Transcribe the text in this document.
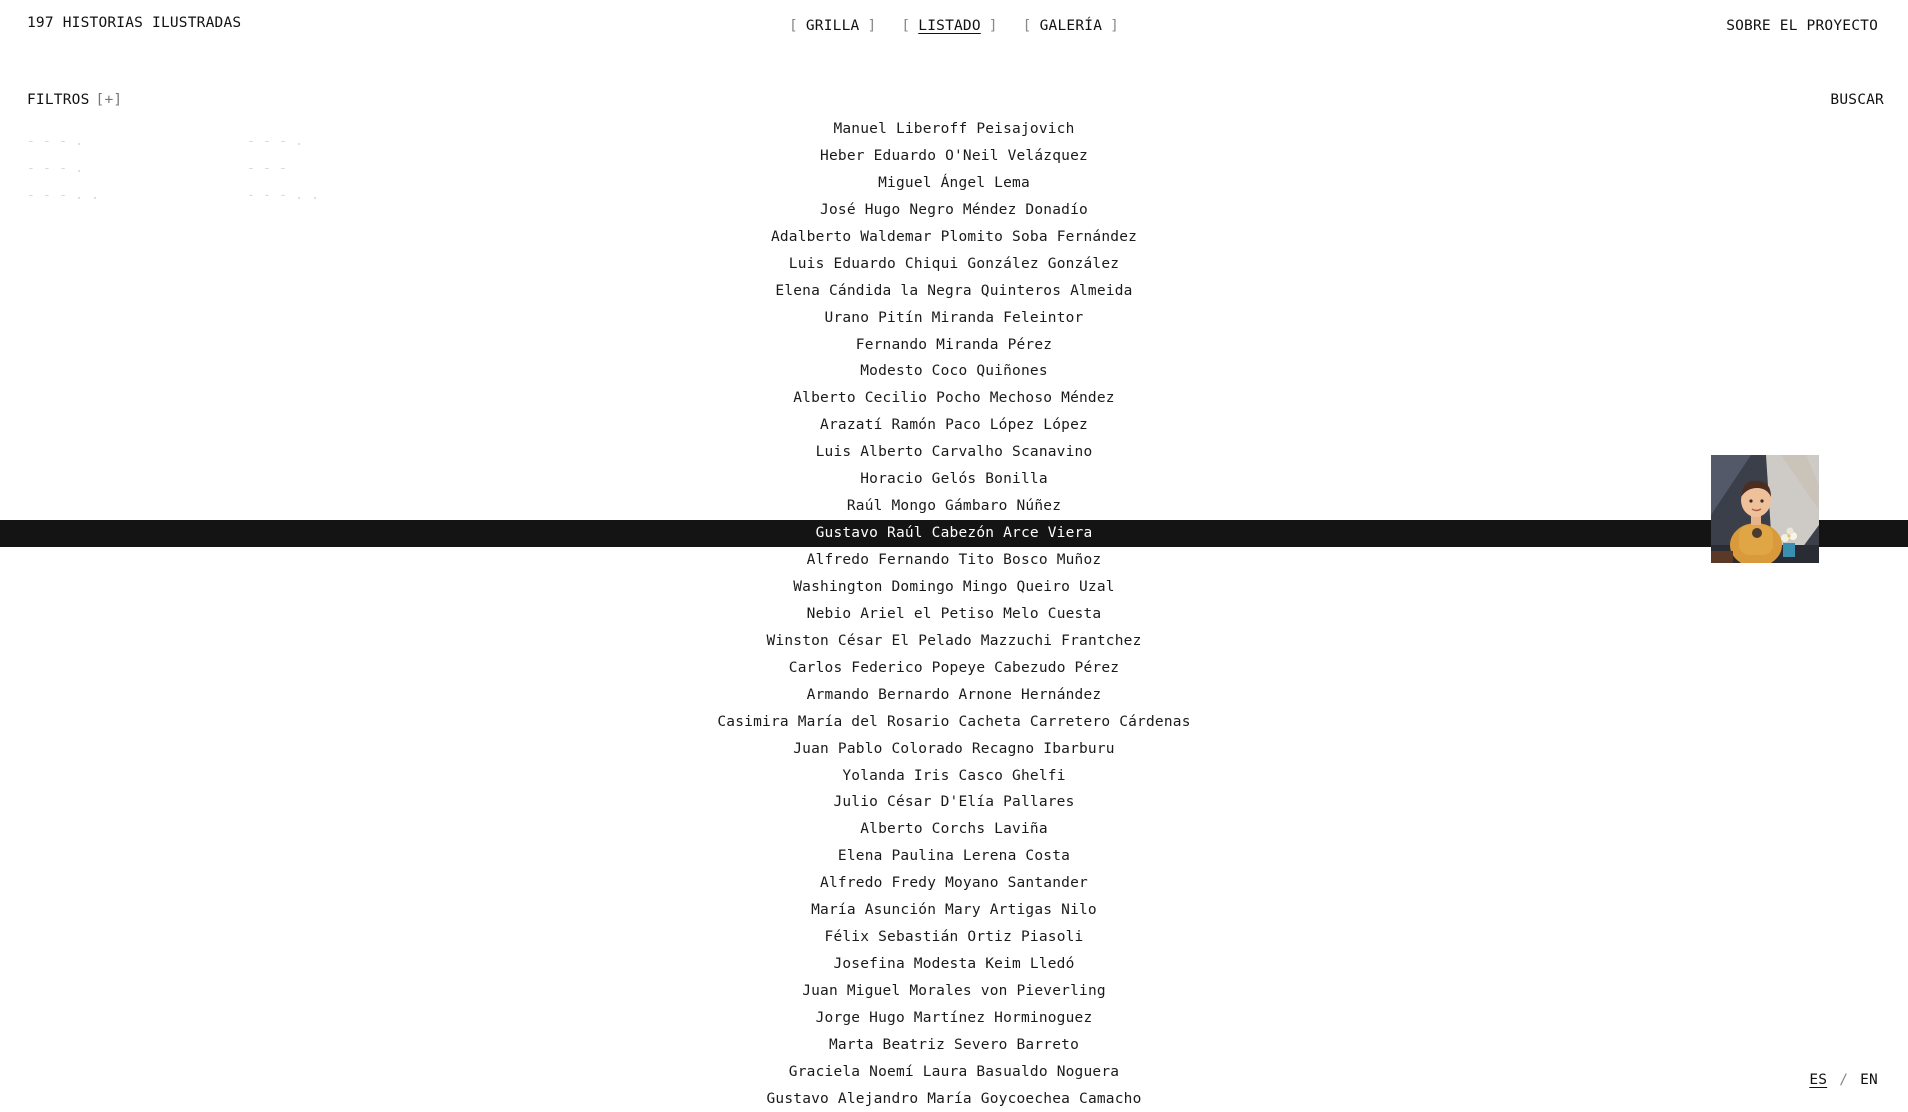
197 HISTORIAS ILUSTRADAS	[ GRILLA ] [ LISTADO ] [ GALERÍA ]	SOBRE EL PROYECTO
FILTROS [+]	BUSCAR
- - - .	- - - .
- - - .	- - -
- - - . .	- - - . .
Manuel Liberoff Peisajovich
Heber Eduardo O'Neil Velázquez
Miguel Ángel Lema
José Hugo Negro Méndez Donadío
Adalberto Waldemar Plomito Soba Fernández
Luis Eduardo Chiqui González González
Elena Cándida la Negra Quinteros Almeida
Urano Pitín Miranda Feleintor
Fernando Miranda Pérez
Modesto Coco Quiñones
Alberto Cecilio Pocho Mechoso Méndez
Arazatí Ramón Paco López López
Luis Alberto Carvalho Scanavino
Horacio Gelós Bonilla
Raúl Mongo Gámbaro Núñez
Gustavo Raúl Cabezón Arce Viera
Alfredo Fernando Tito Bosco Muñoz
Washington Domingo Mingo Queiro Uzal
Nebio Ariel el Petiso Melo Cuesta
Winston César El Pelado Mazzuchi Frantchez
Carlos Federico Popeye Cabezudo Pérez
Armando Bernardo Arnone Hernández
Casimira María del Rosario Cacheta Carretero Cárdenas
Juan Pablo Colorado Recagno Ibarburu
Yolanda Iris Casco Ghelfi
Julio César D'Elía Pallares
Alberto Corchs Laviña
Elena Paulina Lerena Costa
Alfredo Fredy Moyano Santander
María Asunción Mary Artigas Nilo
Félix Sebastián Ortiz Piasoli
Josefina Modesta Keim Lledó
Juan Miguel Morales von Pieverling
Jorge Hugo Martínez Horminoguez
Marta Beatriz Severo Barreto
Graciela Noemí Laura Basualdo Noguera
Gustavo Alejandro María Goycoechea Camacho
ES / EN
